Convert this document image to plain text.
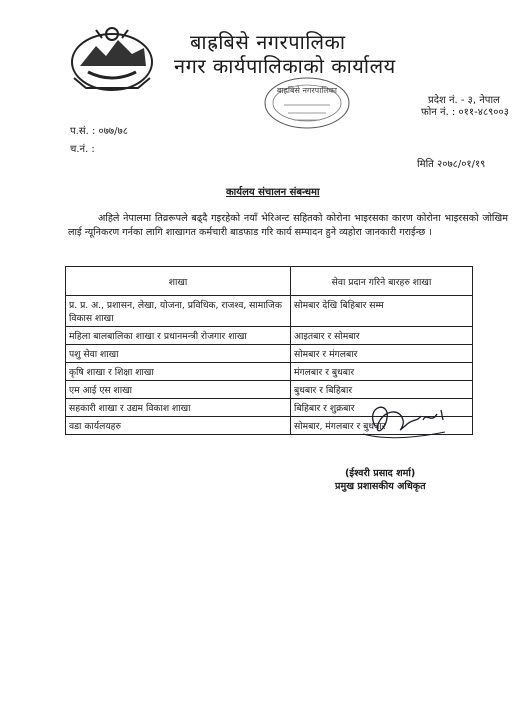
बाह्रबिसे नगरपालिका
नगर कार्यपालिकाको कार्यालय
बाह्रबिसे नगरपालिका
प्रदेश नं. - ३, नेपाल
फोन नं. : ०११-४८९००३
प.सं. : ०७७/७८
च.नं. :
मिति २०७८/०१/१९
कार्यलय संचालन संबन्धमा
अहिले नेपालमा तिव्ररूपले बढ्दै गइरहेको नयाँ भेरिअन्ट सहितको कोरोना भाइरसका कारण कोरोना भाइरसको जोखिम लाई न्यूनिकरण गर्नका लागि शाखागत कर्मचारी बाडफाड गरि कार्य सम्पादन हुने व्यहोरा जानकारी गराईन्छ ।
शाखा	सेवा प्रदान गरिने बारहरु शाखा
प्र. प्र. अ., प्रशासन, लेखा, योजना, प्रविधिक, राजश्व, सामाजिक विकास शाखा	सोमबार देखि बिहिबार सम्म
महिला बालबालिका शाखा र प्रधानमन्त्री रोजगार शाखा	आइतबार र सोमबार
पशु सेवा शाखा	सोमबार र मंगलबार
कृषि शाखा र शिक्षा शाखा	मंगलबार र बुधबार
एम आई एस शाखा	बुधबार र बिहिबार
सहकारी शाखा र उद्यम विकाश शाखा	बिहिबार र शुक्रबार
वडा कार्यलयहरु	सोमबार, मंगलबार र बुधबार
(ईश्वरी प्रसाद शर्मा)
प्रमुख प्रशासकीय अधिकृत
